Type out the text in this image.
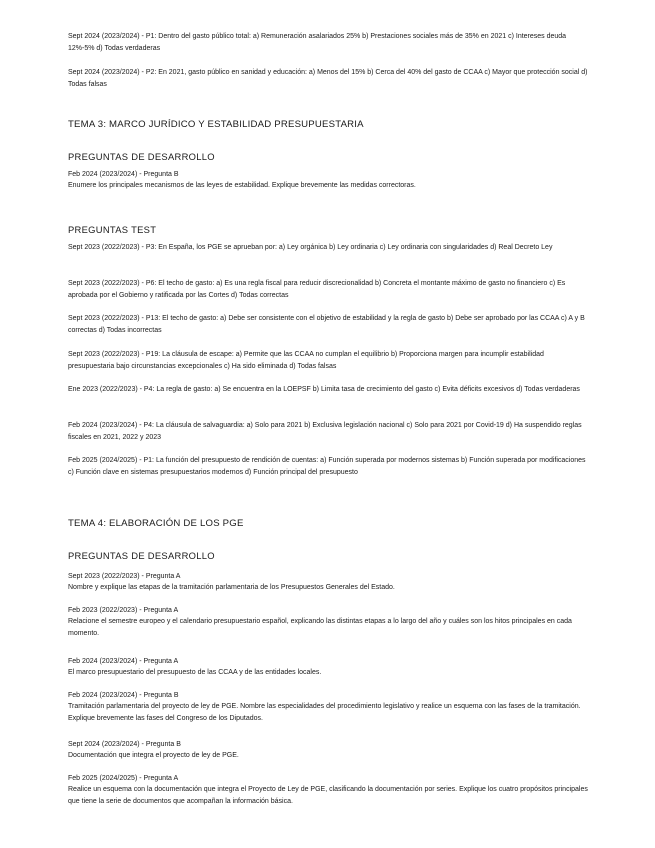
Sept 2024 (2023/2024) - P1: Dentro del gasto público total: a) Remuneración asalariados 25% b) Prestaciones sociales más de 35% en 2021 c) Intereses deuda 12%-5% d) Todas verdaderas
Sept 2024 (2023/2024) - P2: En 2021, gasto público en sanidad y educación: a) Menos del 15% b) Cerca del 40% del gasto de CCAA c) Mayor que protección social d) Todas falsas
TEMA 3: MARCO JURÍDICO Y ESTABILIDAD PRESUPUESTARIA
PREGUNTAS DE DESARROLLO
Feb 2024 (2023/2024) - Pregunta B
Enumere los principales mecanismos de las leyes de estabilidad. Explique brevemente las medidas correctoras.
PREGUNTAS TEST
Sept 2023 (2022/2023) - P3: En España, los PGE se aprueban por: a) Ley orgánica b) Ley ordinaria c) Ley ordinaria con singularidades d) Real Decreto Ley
Sept 2023 (2022/2023) - P6: El techo de gasto: a) Es una regla fiscal para reducir discrecionalidad b) Concreta el montante máximo de gasto no financiero c) Es aprobada por el Gobierno y ratificada por las Cortes d) Todas correctas
Sept 2023 (2022/2023) - P13: El techo de gasto: a) Debe ser consistente con el objetivo de estabilidad y la regla de gasto b) Debe ser aprobado por las CCAA c) A y B correctas d) Todas incorrectas
Sept 2023 (2022/2023) - P19: La cláusula de escape: a) Permite que las CCAA no cumplan el equilibrio b) Proporciona margen para incumplir estabilidad presupuestaria bajo circunstancias excepcionales c) Ha sido eliminada d) Todas falsas
Ene 2023 (2022/2023) - P4: La regla de gasto: a) Se encuentra en la LOEPSF b) Limita tasa de crecimiento del gasto c) Evita déficits excesivos d) Todas verdaderas
Feb 2024 (2023/2024) - P4: La cláusula de salvaguardia: a) Solo para 2021 b) Exclusiva legislación nacional c) Solo para 2021 por Covid-19 d) Ha suspendido reglas fiscales en 2021, 2022 y 2023
Feb 2025 (2024/2025) - P1: La función del presupuesto de rendición de cuentas: a) Función superada por modernos sistemas b) Función superada por modificaciones c) Función clave en sistemas presupuestarios modernos d) Función principal del presupuesto
TEMA 4: ELABORACIÓN DE LOS PGE
PREGUNTAS DE DESARROLLO
Sept 2023 (2022/2023) - Pregunta A
Nombre y explique las etapas de la tramitación parlamentaria de los Presupuestos Generales del Estado.
Feb 2023 (2022/2023) - Pregunta A
Relacione el semestre europeo y el calendario presupuestario español, explicando las distintas etapas a lo largo del año y cuáles son los hitos principales en cada momento.
Feb 2024 (2023/2024) - Pregunta A
El marco presupuestario del presupuesto de las CCAA y de las entidades locales.
Feb 2024 (2023/2024) - Pregunta B
Tramitación parlamentaria del proyecto de ley de PGE. Nombre las especialidades del procedimiento legislativo y realice un esquema con las fases de la tramitación. Explique brevemente las fases del Congreso de los Diputados.
Sept 2024 (2023/2024) - Pregunta B
Documentación que integra el proyecto de ley de PGE.
Feb 2025 (2024/2025) - Pregunta A
Realice un esquema con la documentación que integra el Proyecto de Ley de PGE, clasificando la documentación por series. Explique los cuatro propósitos principales que tiene la serie de documentos que acompañan la información básica.
